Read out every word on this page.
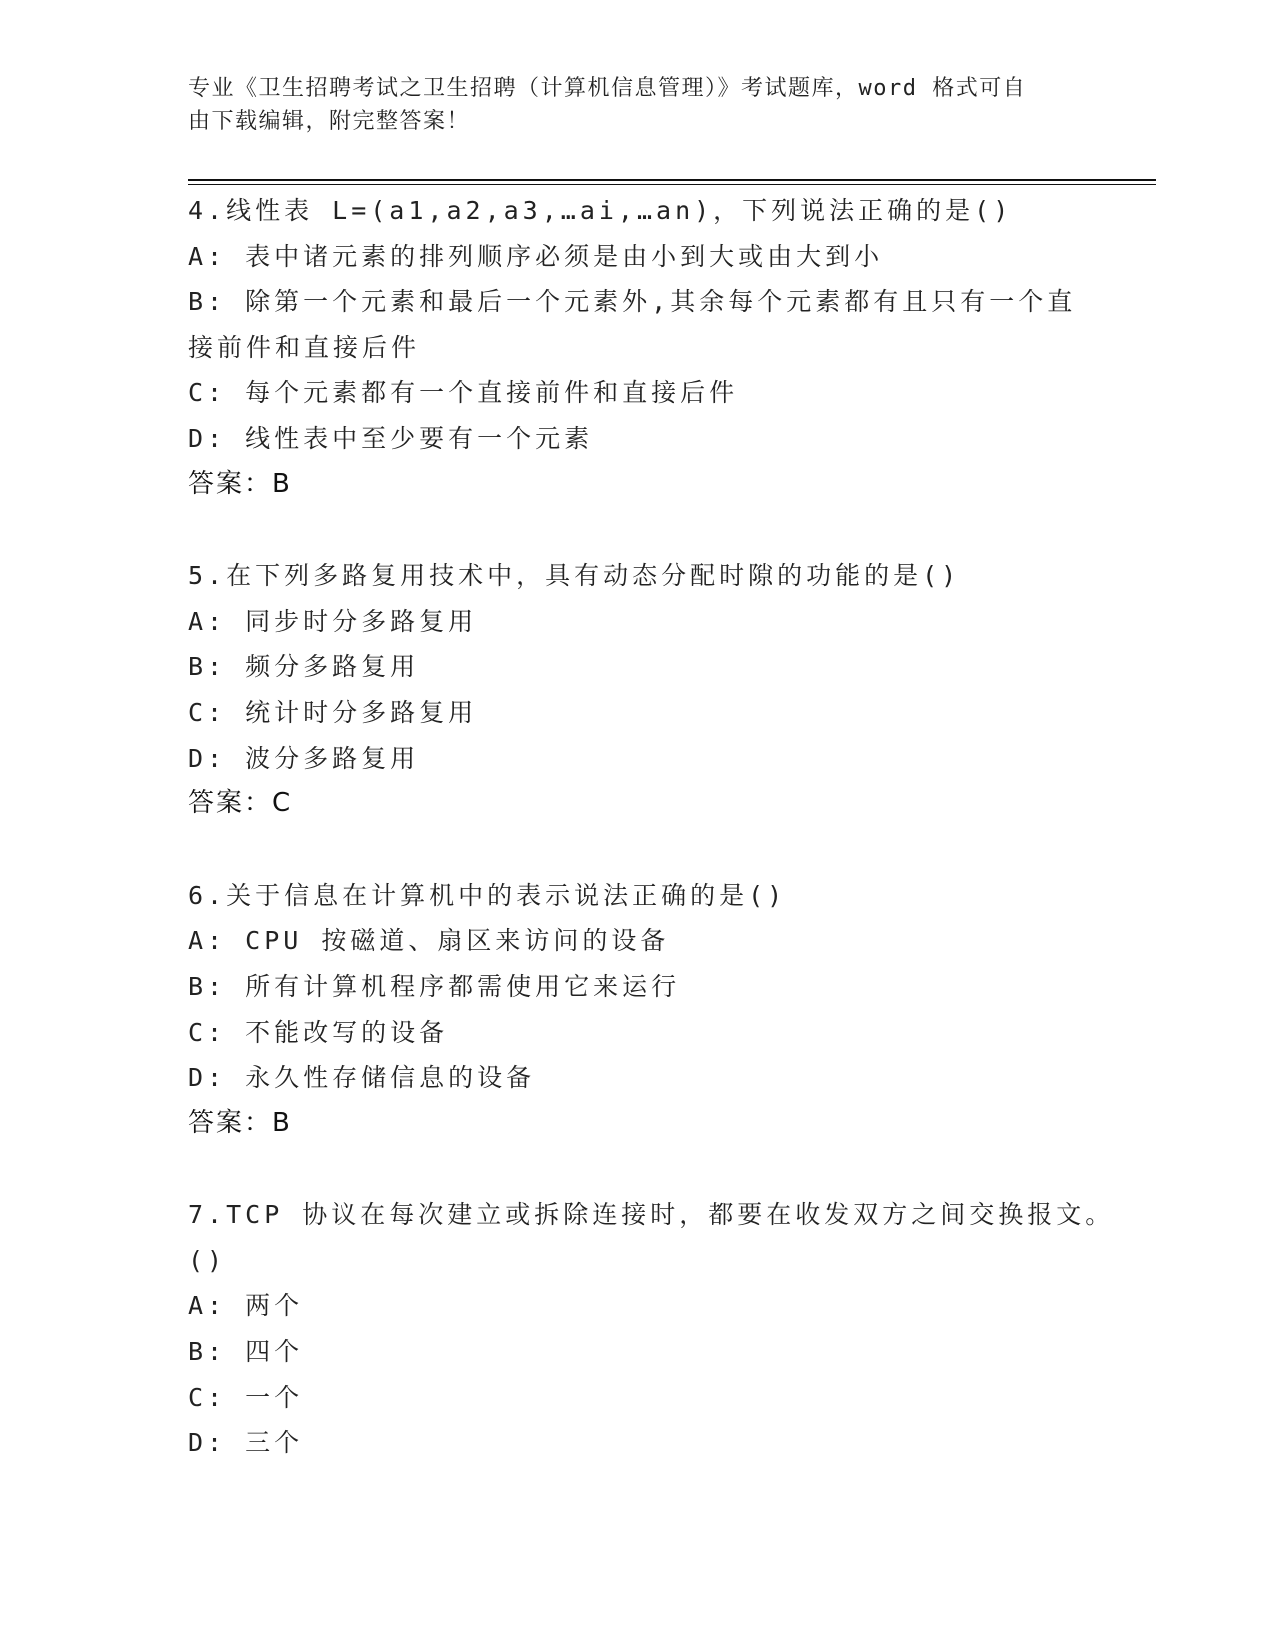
专业《卫生招聘考试之卫生招聘（计算机信息管理）》考试题库，word 格式可自
由下载编辑，附完整答案！
4.线性表 L=(a1,a2,a3,…ai,…an)，下列说法正确的是()
A: 表中诸元素的排列顺序必须是由小到大或由大到小
B: 除第一个元素和最后一个元素外,其余每个元素都有且只有一个直
接前件和直接后件
C: 每个元素都有一个直接前件和直接后件
D: 线性表中至少要有一个元素
答案：B
5.在下列多路复用技术中，具有动态分配时隙的功能的是()
A: 同步时分多路复用
B: 频分多路复用
C: 统计时分多路复用
D: 波分多路复用
答案：C
6.关于信息在计算机中的表示说法正确的是()
A: CPU 按磁道、扇区来访问的设备
B: 所有计算机程序都需使用它来运行
C: 不能改写的设备
D: 永久性存储信息的设备
答案：B
7.TCP 协议在每次建立或拆除连接时，都要在收发双方之间交换报文。
()
A: 两个
B: 四个
C: 一个
D: 三个
